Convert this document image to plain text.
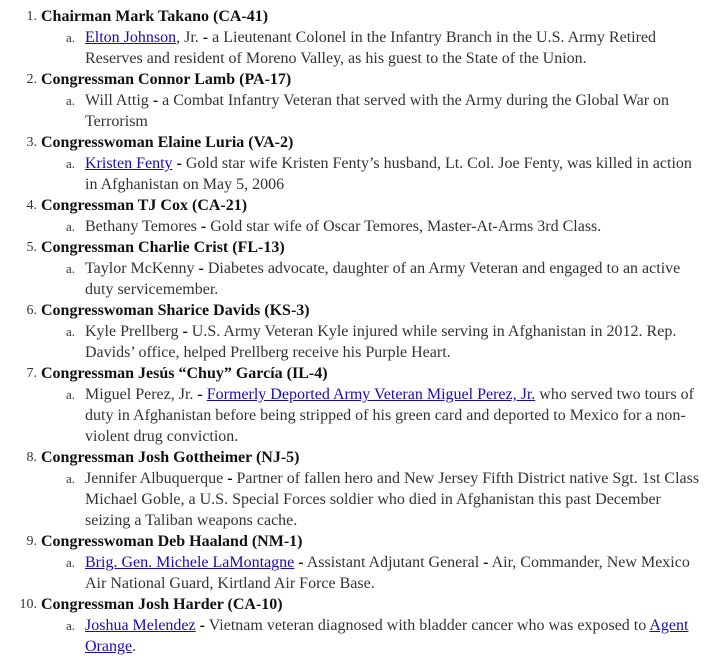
1. Chairman Mark Takano (CA-41)
a. Elton Johnson, Jr. - a Lieutenant Colonel in the Infantry Branch in the U.S. Army Retired Reserves and resident of Moreno Valley, as his guest to the State of the Union.
2. Congressman Connor Lamb (PA-17)
a. Will Attig - a Combat Infantry Veteran that served with the Army during the Global War on Terrorism
3. Congresswoman Elaine Luria (VA-2)
a. Kristen Fenty - Gold star wife Kristen Fenty’s husband, Lt. Col. Joe Fenty, was killed in action in Afghanistan on May 5, 2006
4. Congressman TJ Cox (CA-21)
a. Bethany Temores - Gold star wife of Oscar Temores, Master-At-Arms 3rd Class.
5. Congressman Charlie Crist (FL-13)
a. Taylor McKenny - Diabetes advocate, daughter of an Army Veteran and engaged to an active duty servicemember.
6. Congresswoman Sharice Davids (KS-3)
a. Kyle Prellberg - U.S. Army Veteran Kyle injured while serving in Afghanistan in 2012. Rep. Davids’ office, helped Prellberg receive his Purple Heart.
7. Congressman Jesús “Chuy” García (IL-4)
a. Miguel Perez, Jr. - Formerly Deported Army Veteran Miguel Perez, Jr. who served two tours of duty in Afghanistan before being stripped of his green card and deported to Mexico for a non-violent drug conviction.
8. Congressman Josh Gottheimer (NJ-5)
a. Jennifer Albuquerque - Partner of fallen hero and New Jersey Fifth District native Sgt. 1st Class Michael Goble, a U.S. Special Forces soldier who died in Afghanistan this past December seizing a Taliban weapons cache.
9. Congresswoman Deb Haaland (NM-1)
a. Brig. Gen. Michele LaMontagne - Assistant Adjutant General - Air, Commander, New Mexico Air National Guard, Kirtland Air Force Base.
10. Congressman Josh Harder (CA-10)
a. Joshua Melendez - Vietnam veteran diagnosed with bladder cancer who was exposed to Agent Orange.
